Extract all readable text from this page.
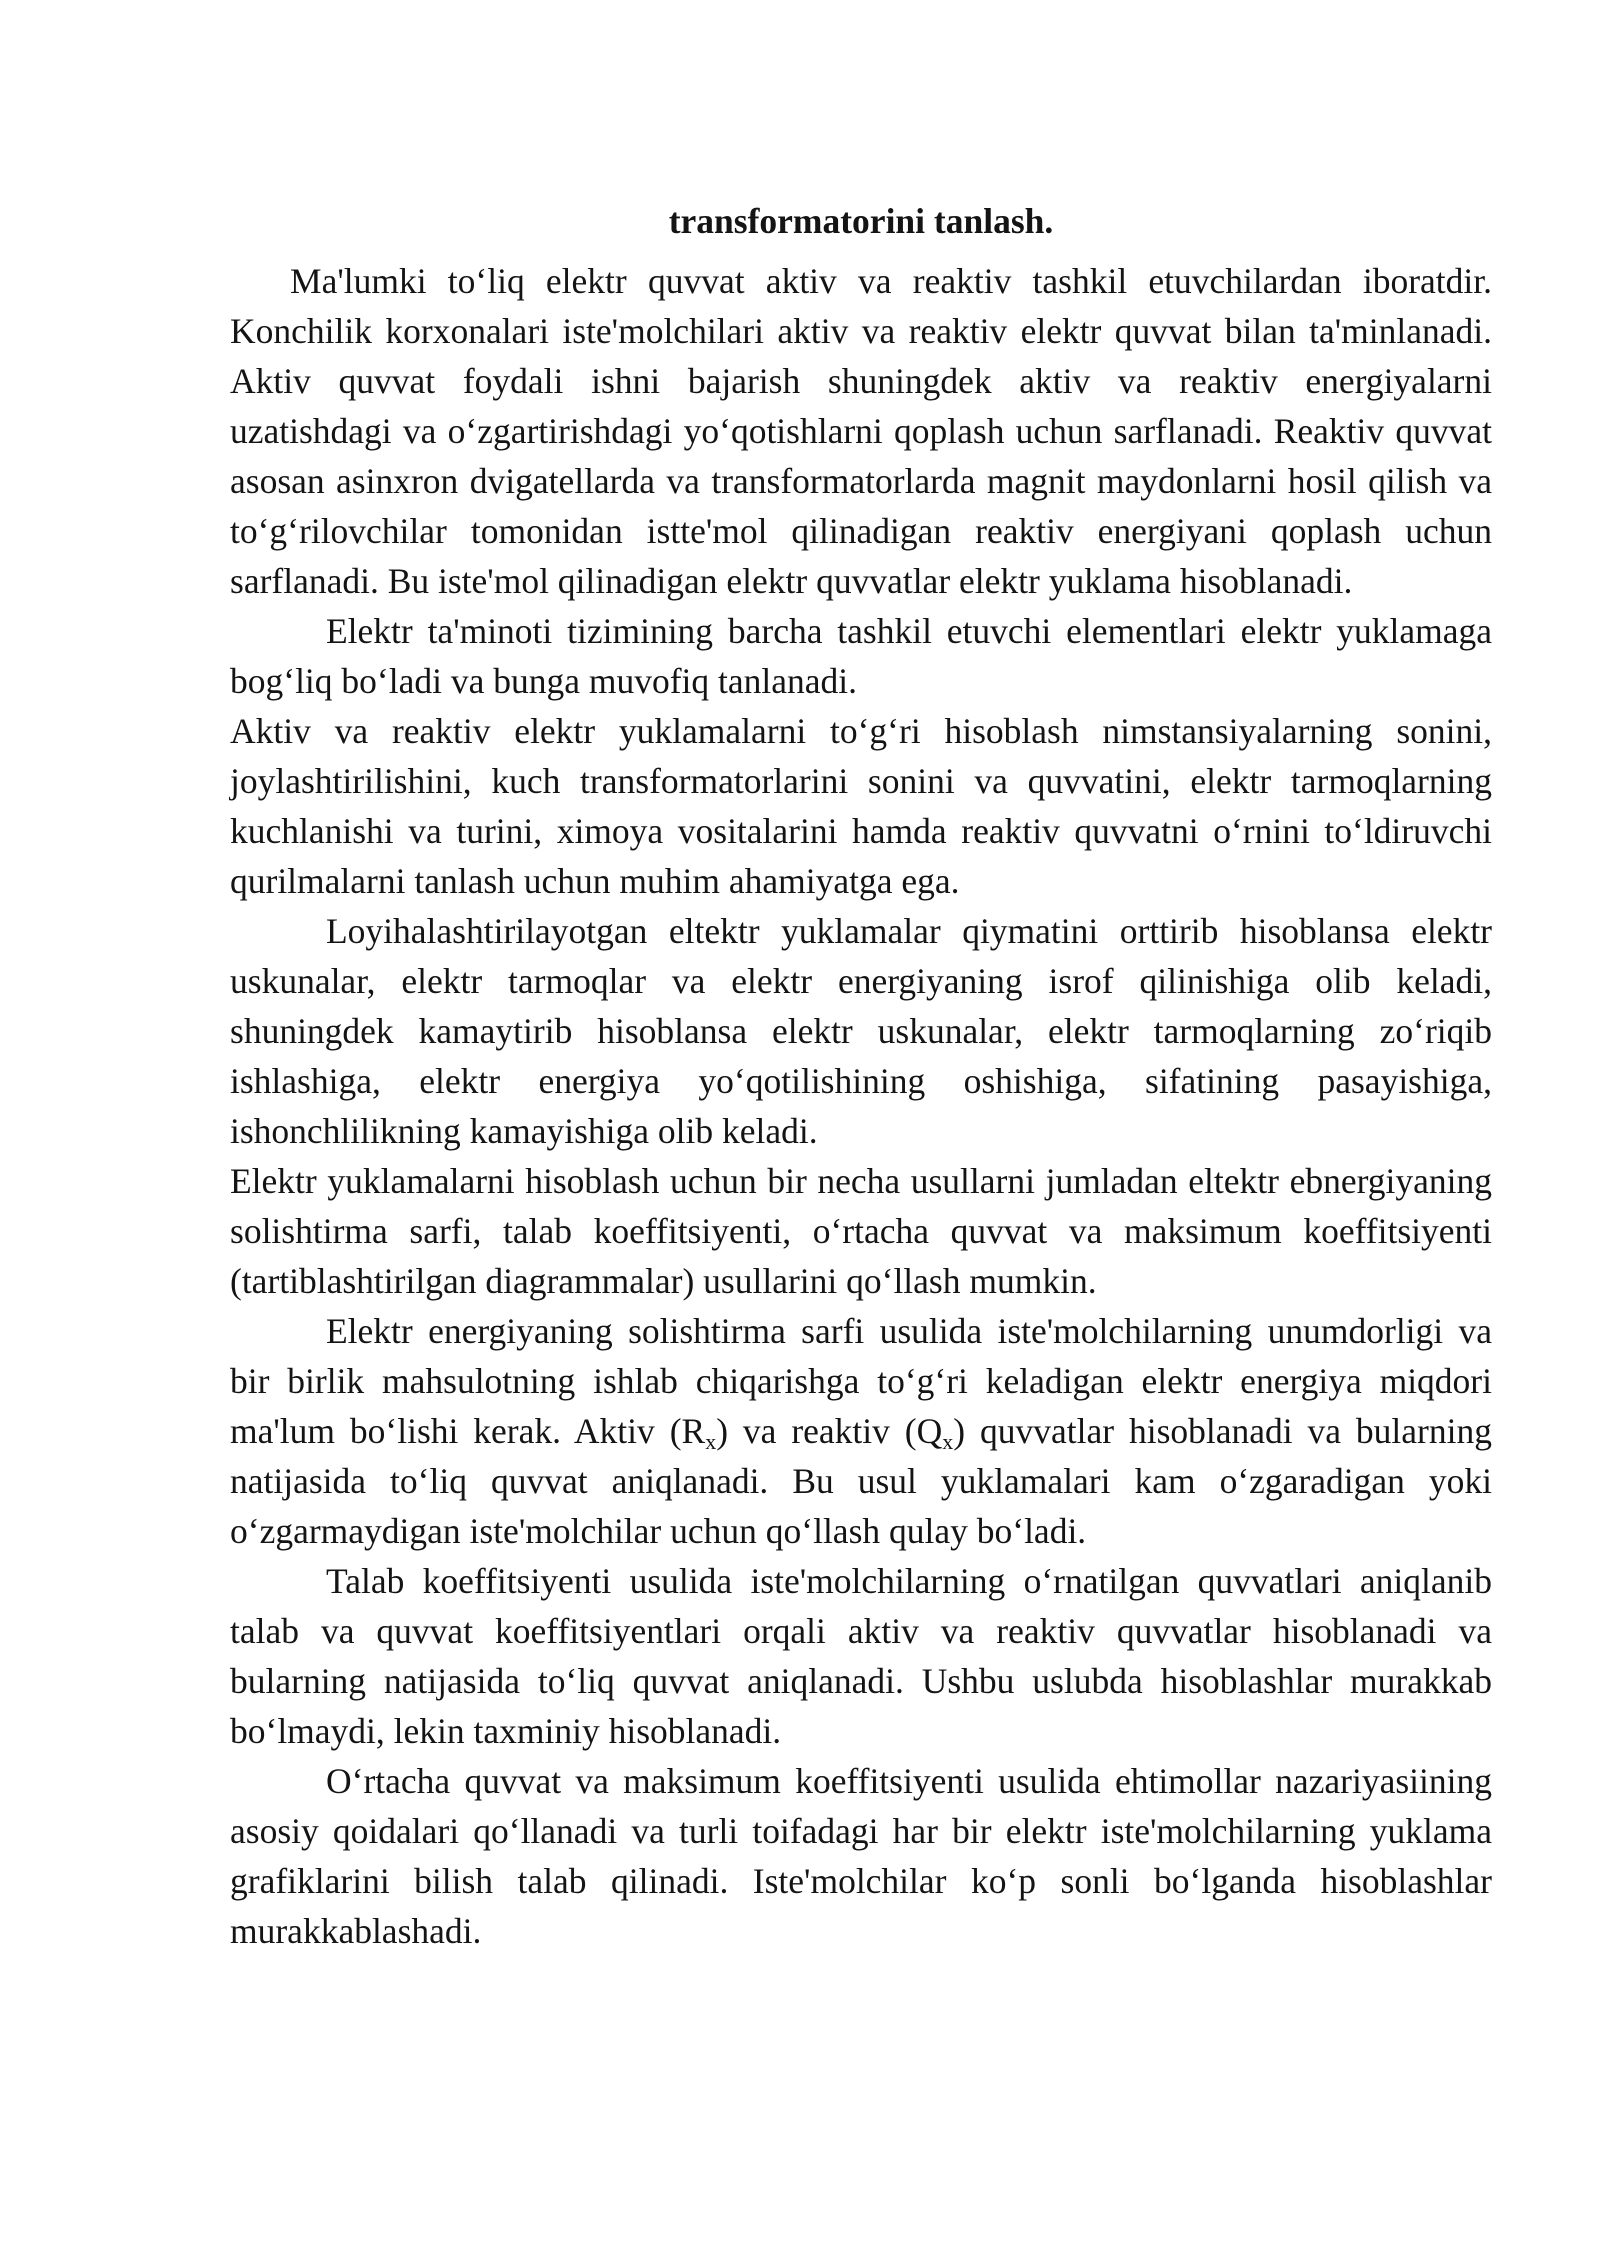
transformatorini tanlash.

Ma'lumki to‘liq elektr quvvat aktiv va reaktiv tashkil etuvchilardan iboratdir. Konchilik korxonalari iste'molchilari aktiv va reaktiv elektr quvvat bilan ta'minlanadi. Aktiv quvvat foydali ishni bajarish shuningdek aktiv va reaktiv energiyalarni uzatishdagi va o‘zgartirishdagi yo‘qotishlarni qoplash uchun sarflanadi. Reaktiv quvvat asosan asinxron dvigatellarda va transformatorlarda magnit maydonlarni hosil qilish va to‘g‘rilovchilar tomonidan istte'mol qilinadigan reaktiv energiyani qoplash uchun sarflanadi. Bu iste'mol qilinadigan elektr quvvatlar elektr yuklama hisoblanadi.

Elektr ta'minoti tizimining barcha tashkil etuvchi elementlari elektr yuklamaga bog‘liq bo‘ladi va bunga muvofiq tanlanadi.

Aktiv va reaktiv elektr yuklamalarni to‘g‘ri hisoblash nimstansiyalarning sonini, joylashtirilishini, kuch transformatorlarini sonini va quvvatini, elektr tarmoqlarning kuchlanishi va turini, ximoya vositalarini hamda reaktiv quvvatni o‘rnini to‘ldiruvchi qurilmalarni tanlash uchun muhim ahamiyatga ega.

Loyihalashtirilayotgan eltektr yuklamalar qiymatini orttirib hisoblansa elektr uskunalar, elektr tarmoqlar va elektr energiyaning isrof qilinishiga olib keladi, shuningdek kamaytirib hisoblansa elektr uskunalar, elektr tarmoqlarning zo‘riqib ishlashiga, elektr energiya yo‘qotilishining oshishiga, sifatining pasayishiga, ishonchlilikning kamayishiga olib keladi.

Elektr yuklamalarni hisoblash uchun bir necha usullarni jumladan eltektr ebnergiyaning solishtirma sarfi, talab koeffitsiyenti, o‘rtacha quvvat va maksimum koeffitsiyenti (tartiblashtirilgan diagrammalar) usullarini qo‘llash mumkin.

Elektr energiyaning solishtirma sarfi usulida iste'molchilarning unumdorligi va bir birlik mahsulotning ishlab chiqarishga to‘g‘ri keladigan elektr energiya miqdori ma'lum bo‘lishi kerak. Aktiv $(R_x)$ va reaktiv $(Q_x)$ quvvatlar hisoblanadi va bularning natijasida to‘liq quvvat aniqlanadi. Bu usul yuklamalari kam o‘zgaradigan yoki o‘zgarmaydigan iste'molchilar uchun qo‘llash qulay bo‘ladi.

Talab koeffitsiyenti usulida iste'molchilarning o‘rnatilgan quvvatlari aniqlanib talab va quvvat koeffitsiyentlari orqali aktiv va reaktiv quvvatlar hisoblanadi va bularning natijasida to‘liq quvvat aniqlanadi. Ushbu uslubda hisoblashlar murakkab bo‘lmaydi, lekin taxminiy hisoblanadi.

O‘rtacha quvvat va maksimum koeffitsiyenti usulida ehtimollar nazariyasiining asosiy qoidalari qo‘llanadi va turli toifadagi har bir elektr iste'molchilarning yuklama grafiklarini bilish talab qilinadi. Iste'molchilar ko‘p sonli bo‘lganda hisoblashlar murakkablashadi.
